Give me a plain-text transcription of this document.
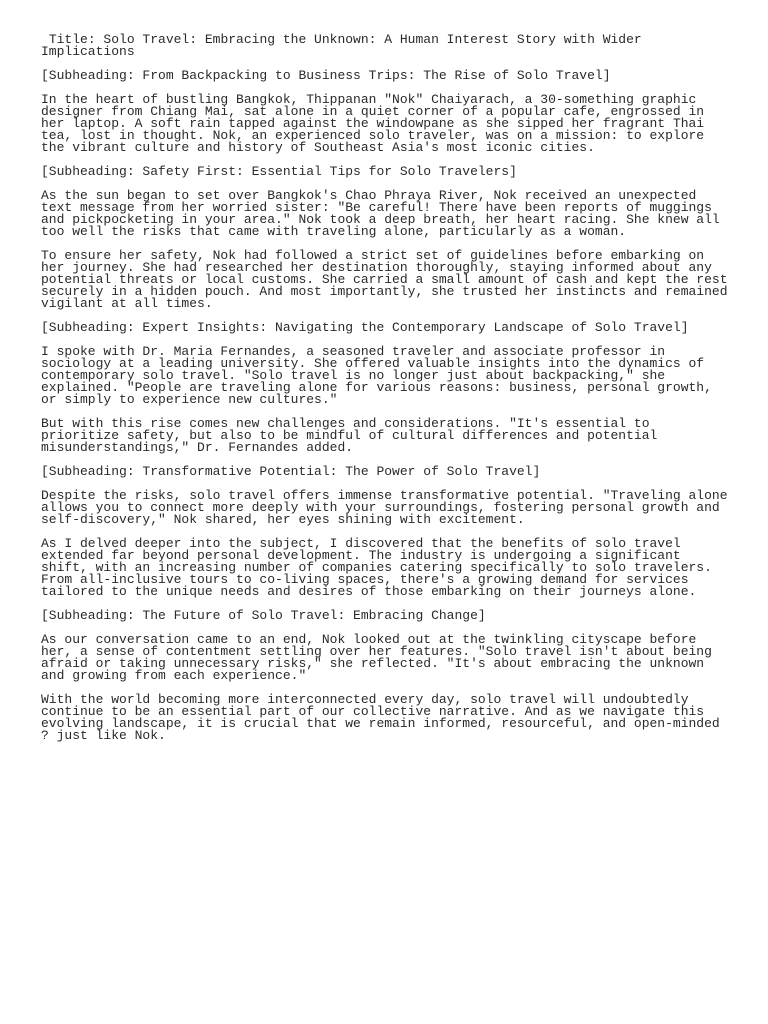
Title: Solo Travel: Embracing the Unknown: A Human Interest Story with Wider Implications

[Subheading: From Backpacking to Business Trips: The Rise of Solo Travel]

In the heart of bustling Bangkok, Thippanan "Nok" Chaiyarach, a 30-something graphic designer from Chiang Mai, sat alone in a quiet corner of a popular cafe, engrossed in her laptop. A soft rain tapped against the windowpane as she sipped her fragrant Thai tea, lost in thought. Nok, an experienced solo traveler, was on a mission: to explore the vibrant culture and history of Southeast Asia's most iconic cities.

[Subheading: Safety First: Essential Tips for Solo Travelers]

As the sun began to set over Bangkok's Chao Phraya River, Nok received an unexpected text message from her worried sister: "Be careful! There have been reports of muggings and pickpocketing in your area." Nok took a deep breath, her heart racing. She knew all too well the risks that came with traveling alone, particularly as a woman.

To ensure her safety, Nok had followed a strict set of guidelines before embarking on her journey. She had researched her destination thoroughly, staying informed about any potential threats or local customs. She carried a small amount of cash and kept the rest securely in a hidden pouch. And most importantly, she trusted her instincts and remained vigilant at all times.

[Subheading: Expert Insights: Navigating the Contemporary Landscape of Solo Travel]

I spoke with Dr. Maria Fernandes, a seasoned traveler and associate professor in sociology at a leading university. She offered valuable insights into the dynamics of contemporary solo travel. "Solo travel is no longer just about backpacking," she explained. "People are traveling alone for various reasons: business, personal growth, or simply to experience new cultures."

But with this rise comes new challenges and considerations. "It's essential to prioritize safety, but also to be mindful of cultural differences and potential misunderstandings," Dr. Fernandes added.

[Subheading: Transformative Potential: The Power of Solo Travel]

Despite the risks, solo travel offers immense transformative potential. "Traveling alone allows you to connect more deeply with your surroundings, fostering personal growth and self-discovery," Nok shared, her eyes shining with excitement.

As I delved deeper into the subject, I discovered that the benefits of solo travel extended far beyond personal development. The industry is undergoing a significant shift, with an increasing number of companies catering specifically to solo travelers. From all-inclusive tours to co-living spaces, there's a growing demand for services tailored to the unique needs and desires of those embarking on their journeys alone.

[Subheading: The Future of Solo Travel: Embracing Change]

As our conversation came to an end, Nok looked out at the twinkling cityscape before her, a sense of contentment settling over her features. "Solo travel isn't about being afraid or taking unnecessary risks," she reflected. "It's about embracing the unknown and growing from each experience."

With the world becoming more interconnected every day, solo travel will undoubtedly continue to be an essential part of our collective narrative. And as we navigate this evolving landscape, it is crucial that we remain informed, resourceful, and open-minded ? just like Nok.
